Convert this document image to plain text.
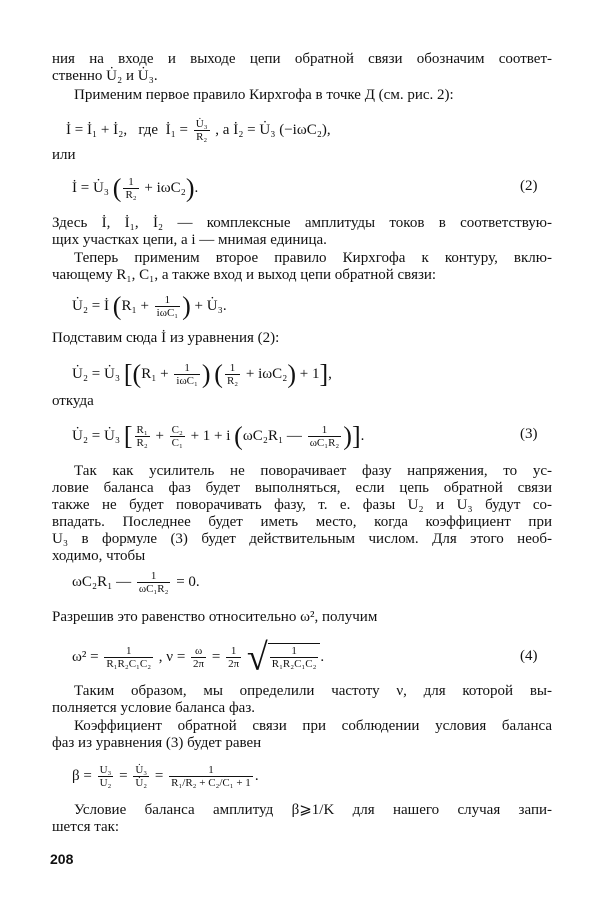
ния на входе и выходе цепи обратной связи обозначим соответ-
ственно U̇₂ и U̇₃.
Применим первое правило Кирхгофа в точке Д (см. рис. 2):
İ = İ₁ + İ₂, где İ₁ = $\frac{\text{U̇₃}}{\text{R₂}}$ , а İ₂ = U̇₃ (−iωC₂),
или
İ = U̇₃ ( $\frac{1}{\text{R₂}} + i\omega C_2$).	(2)
Здесь İ, İ₁, İ₂ — комплексные амплитуды токов в соответствую-
щих участках цепи, а i — мнимая единица.
Теперь применим второе правило Кирхгофа к контуру, вклю-
чающему R₁, C₁, а также вход и выход цепи обратной связи:
U̇₂ = İ ($R_1 + \frac{1}{\text{iωC₁}}$ ) + U̇₃.
Подставим сюда İ из уравнения (2):
U̇₂ = U̇₃ [($R_1 + \frac{1}{\text{iωC₁}}$ ) ( $\frac{1}{\text{R₂}} + i\omega C_2) + 1$],
откуда
U̇₂ = U̇₃ [ $\frac{\text{R₁}}{\text{R₂}} + \frac{\text{C₂}}{\text{C₁}} + 1 + i$ (ωC₂R₁ — $\frac{1}{\text{ωC₁R₂}}$ )].	(3)
Так как усилитель не поворачивает фазу напряжения, то ус-
ловие баланса фаз будет выполняться, если цепь обратной связи
также не будет поворачивать фазу, т. е. фазы U₂ и U₃ будут со-
впадать. Последнее будет иметь место, когда коэффициент при
U₃ в формуле (3) будет действительным числом. Для этого необ-
ходимо, чтобы
ωC₂R₁ — $\frac{1}{\text{ωC₁R₂}} = 0$.
Разрешив это равенство относительно ω², получим
$\omega^2 = \frac{1}{\text{R₁R₂C₁C₂}}$ , $\nu = \frac{\omega}{2\pi} = \frac{1}{2\pi}$ √ $\frac{1}{\text{R₁R₂C₁C₂}}$ .	(4)
Таким образом, мы определили частоту ν, для которой вы-
полняется условие баланса фаз.
Коэффициент обратной связи при соблюдении условия баланса
фаз из уравнения (3) будет равен
$\beta = \frac{\text{U₃}}{\text{U₂}} = \frac{\text{U̇₃}}{\text{U̇₂}} = \frac{1}{\text{R₁/R₂ + C₂/C₁ + 1}}$ .
Условие баланса амплитуд β⩾1/K для нашего случая запи-
шется так:
208
